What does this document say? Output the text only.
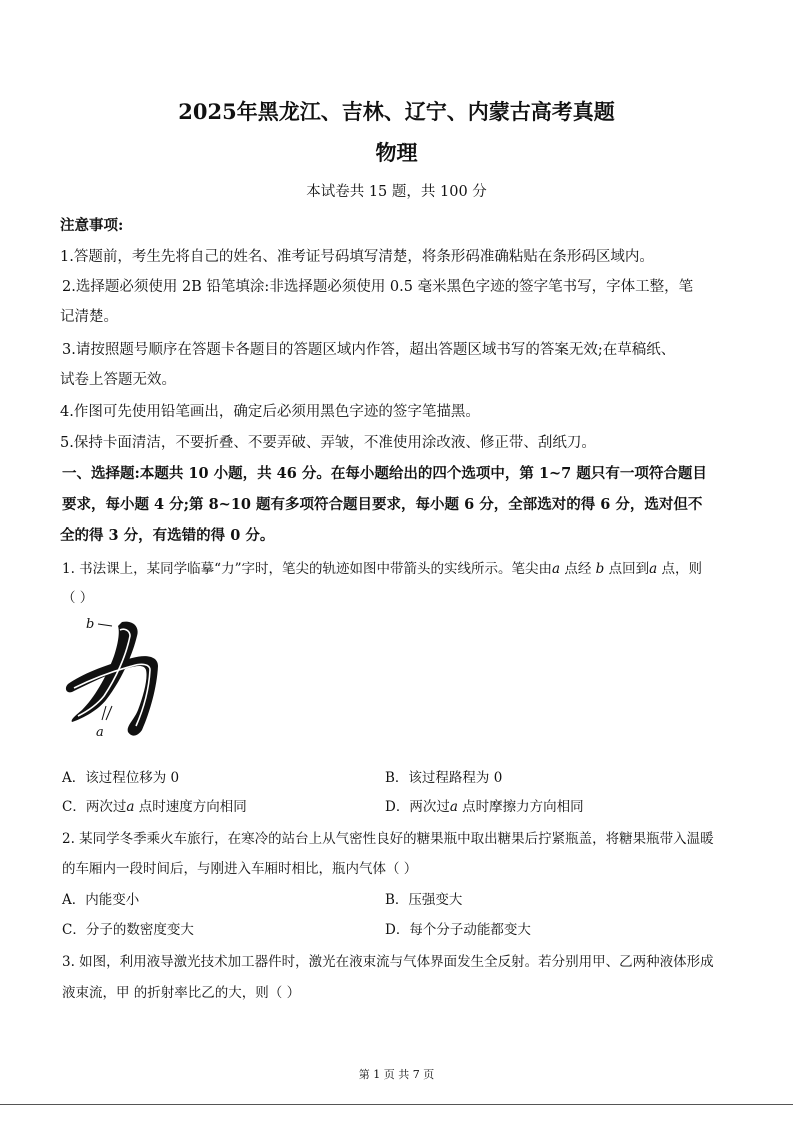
2025年黑龙江、吉林、辽宁、内蒙古高考真题
物理
本试卷共 15 题，共 100 分
注意事项:
1.答题前，考生先将自己的姓名、准考证号码填写清楚，将条形码准确粘贴在条形码区域内。
2.选择题必须使用 2B 铅笔填涂:非选择题必须使用 0.5 毫米黑色字迹的签字笔书写，字体工整，笔
记清楚。
3.请按照题号顺序在答题卡各题目的答题区域内作答，超出答题区域书写的答案无效;在草稿纸、
试卷上答题无效。
4.作图可先使用铅笔画出，确定后必须用黑色字迹的签字笔描黑。
5.保持卡面清洁，不要折叠、不要弄破、弄皱，不准使用涂改液、修正带、刮纸刀。
一、选择题:本题共 10 小题，共 46 分。在每小题给出的四个选项中，第 1~7 题只有一项符合题目
要求，每小题 4 分;第 8~10 题有多项符合题目要求，每小题 6 分，全部选对的得 6 分，选对但不
全的得 3 分，有选错的得 0 分。
1. 书法课上，某同学临摹“力”字时，笔尖的轨迹如图中带箭头的实线所示。笔尖由a 点经 b 点回到a 点，则
（ ）
b
a
A．该过程位移为 0	B．该过程路程为 0
C．两次过a 点时速度方向相同	D．两次过a 点时摩擦力方向相同
2. 某同学冬季乘火车旅行，在寒冷的站台上从气密性良好的糖果瓶中取出糖果后拧紧瓶盖，将糖果瓶带入温暖
的车厢内一段时间后，与刚进入车厢时相比，瓶内气体（ ）
A．内能变小	B．压强变大
C．分子的数密度变大	D．每个分子动能都变大
3. 如图，利用液导激光技术加工器件时，激光在液束流与气体界面发生全反射。若分别用甲、乙两种液体形成
液束流，甲 的折射率比乙的大，则（ ）
第 1 页 共 7 页
